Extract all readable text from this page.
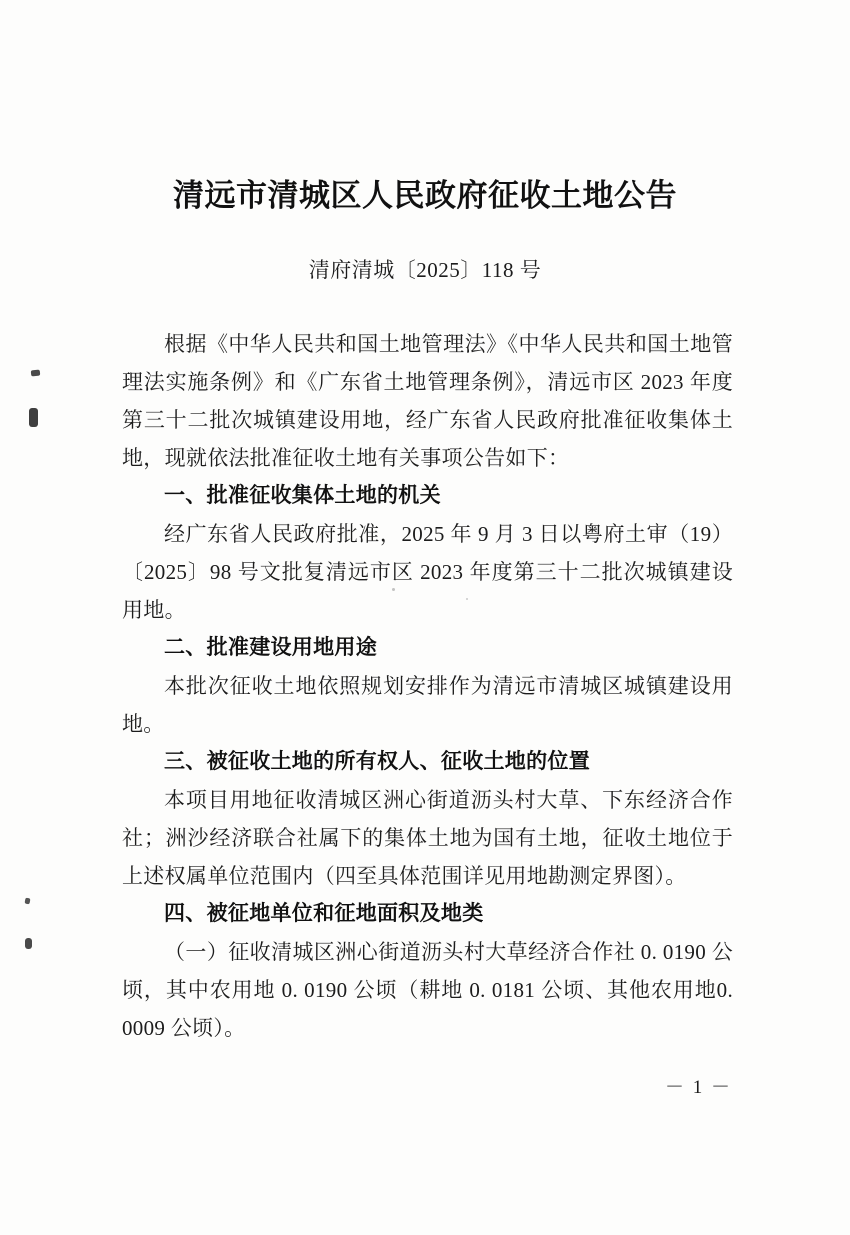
清远市清城区人民政府征收土地公告
清府清城〔2025〕118 号

根据《中华人民共和国土地管理法》《中华人民共和国土地管理法实施条例》和《广东省土地管理条例》，清远市区 2023 年度第三十二批次城镇建设用地，经广东省人民政府批准征收集体土地，现就依法批准征收土地有关事项公告如下：

一、批准征收集体土地的机关

经广东省人民政府批准，2025 年 9 月 3 日以粤府土审（19）〔2025〕98 号文批复清远市区 2023 年度第三十二批次城镇建设用地。

二、批准建设用地用途

本批次征收土地依照规划安排作为清远市清城区城镇建设用地。

三、被征收土地的所有权人、征收土地的位置

本项目用地征收清城区洲心街道沥头村大草、下东经济合作社；洲沙经济联合社属下的集体土地为国有土地，征收土地位于上述权属单位范围内（四至具体范围详见用地勘测定界图）。

四、被征地单位和征地面积及地类

（一）征收清城区洲心街道沥头村大草经济合作社 0. 0190 公顷，其中农用地 0. 0190 公顷（耕地 0. 0181 公顷、其他农用地0. 0009 公顷）。

－ 1 －
